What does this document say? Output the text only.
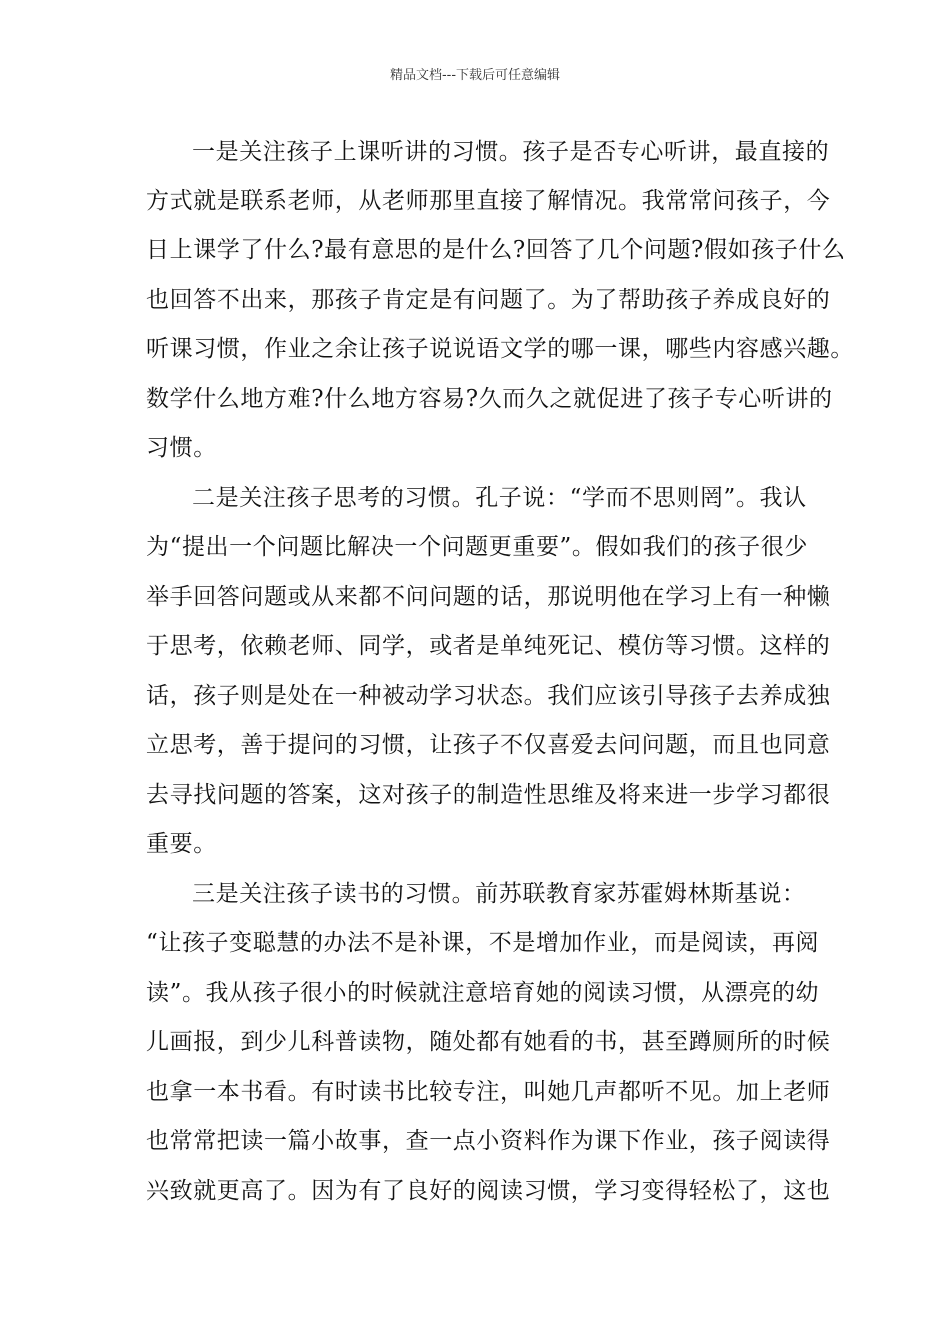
精品文档---下载后可任意编辑
一是关注孩子上课听讲的习惯。孩子是否专心听讲，最直接的
方式就是联系老师，从老师那里直接了解情况。我常常问孩子，今
日上课学了什么?最有意思的是什么?回答了几个问题?假如孩子什么
也回答不出来，那孩子肯定是有问题了。为了帮助孩子养成良好的
听课习惯，作业之余让孩子说说语文学的哪一课，哪些内容感兴趣。
数学什么地方难?什么地方容易?久而久之就促进了孩子专心听讲的
习惯。
二是关注孩子思考的习惯。孔子说：“学而不思则罔”。我认
为“提出一个问题比解决一个问题更重要”。假如我们的孩子很少
举手回答问题或从来都不问问题的话，那说明他在学习上有一种懒
于思考，依赖老师、同学，或者是单纯死记、模仿等习惯。这样的
话，孩子则是处在一种被动学习状态。我们应该引导孩子去养成独
立思考，善于提问的习惯，让孩子不仅喜爱去问问题，而且也同意
去寻找问题的答案，这对孩子的制造性思维及将来进一步学习都很
重要。
三是关注孩子读书的习惯。前苏联教育家苏霍姆林斯基说：
“让孩子变聪慧的办法不是补课，不是增加作业，而是阅读，再阅
读”。我从孩子很小的时候就注意培育她的阅读习惯，从漂亮的幼
儿画报，到少儿科普读物，随处都有她看的书，甚至蹲厕所的时候
也拿一本书看。有时读书比较专注，叫她几声都听不见。加上老师
也常常把读一篇小故事，查一点小资料作为课下作业，孩子阅读得
兴致就更高了。因为有了良好的阅读习惯，学习变得轻松了，这也
